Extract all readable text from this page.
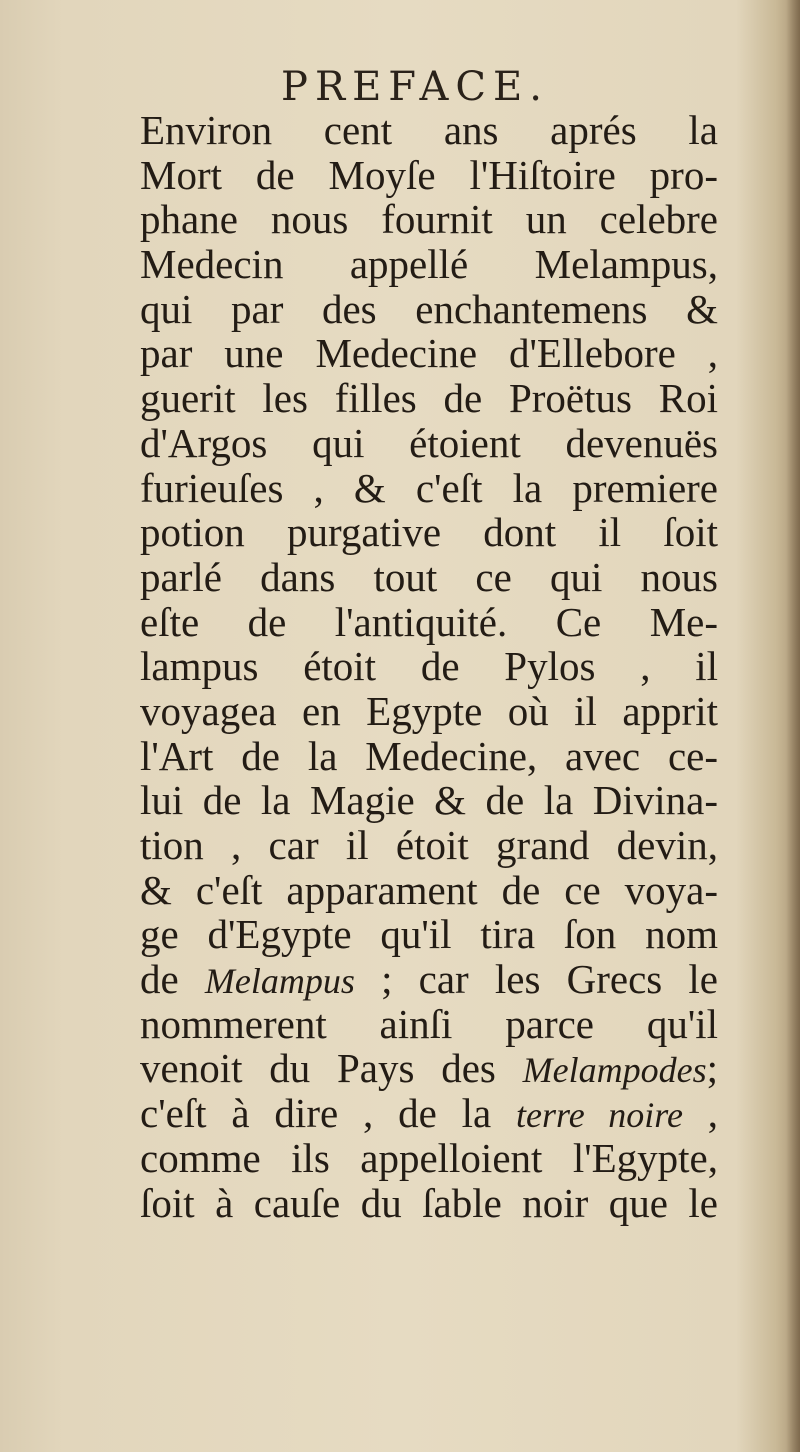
PREFACE.
Environ cent ans aprés la
Mort de Moyſe l'Hiſtoire pro-
phane nous fournit un celebre
Medecin appellé Melampus,
qui par des enchantemens &
par une Medecine d'Ellebore ,
guerit les filles de Proëtus Roi
d'Argos qui étoient devenuës
furieuſes , & c'eſt la premiere
potion purgative dont il ſoit
parlé dans tout ce qui nous
eſte de l'antiquité. Ce Me-
lampus étoit de Pylos , il
voyagea en Egypte où il apprit
l'Art de la Medecine, avec ce-
lui de la Magie & de la Divina-
tion , car il étoit grand devin,
& c'eſt apparament de ce voya-
ge d'Egypte qu'il tira ſon nom
de Melampus ; car les Grecs le
nommerent ainſi parce qu'il
venoit du Pays des Melampodes;
c'eſt à dire , de la terre noire ,
comme ils appelloient l'Egypte,
ſoit à cauſe du ſable noir que le
